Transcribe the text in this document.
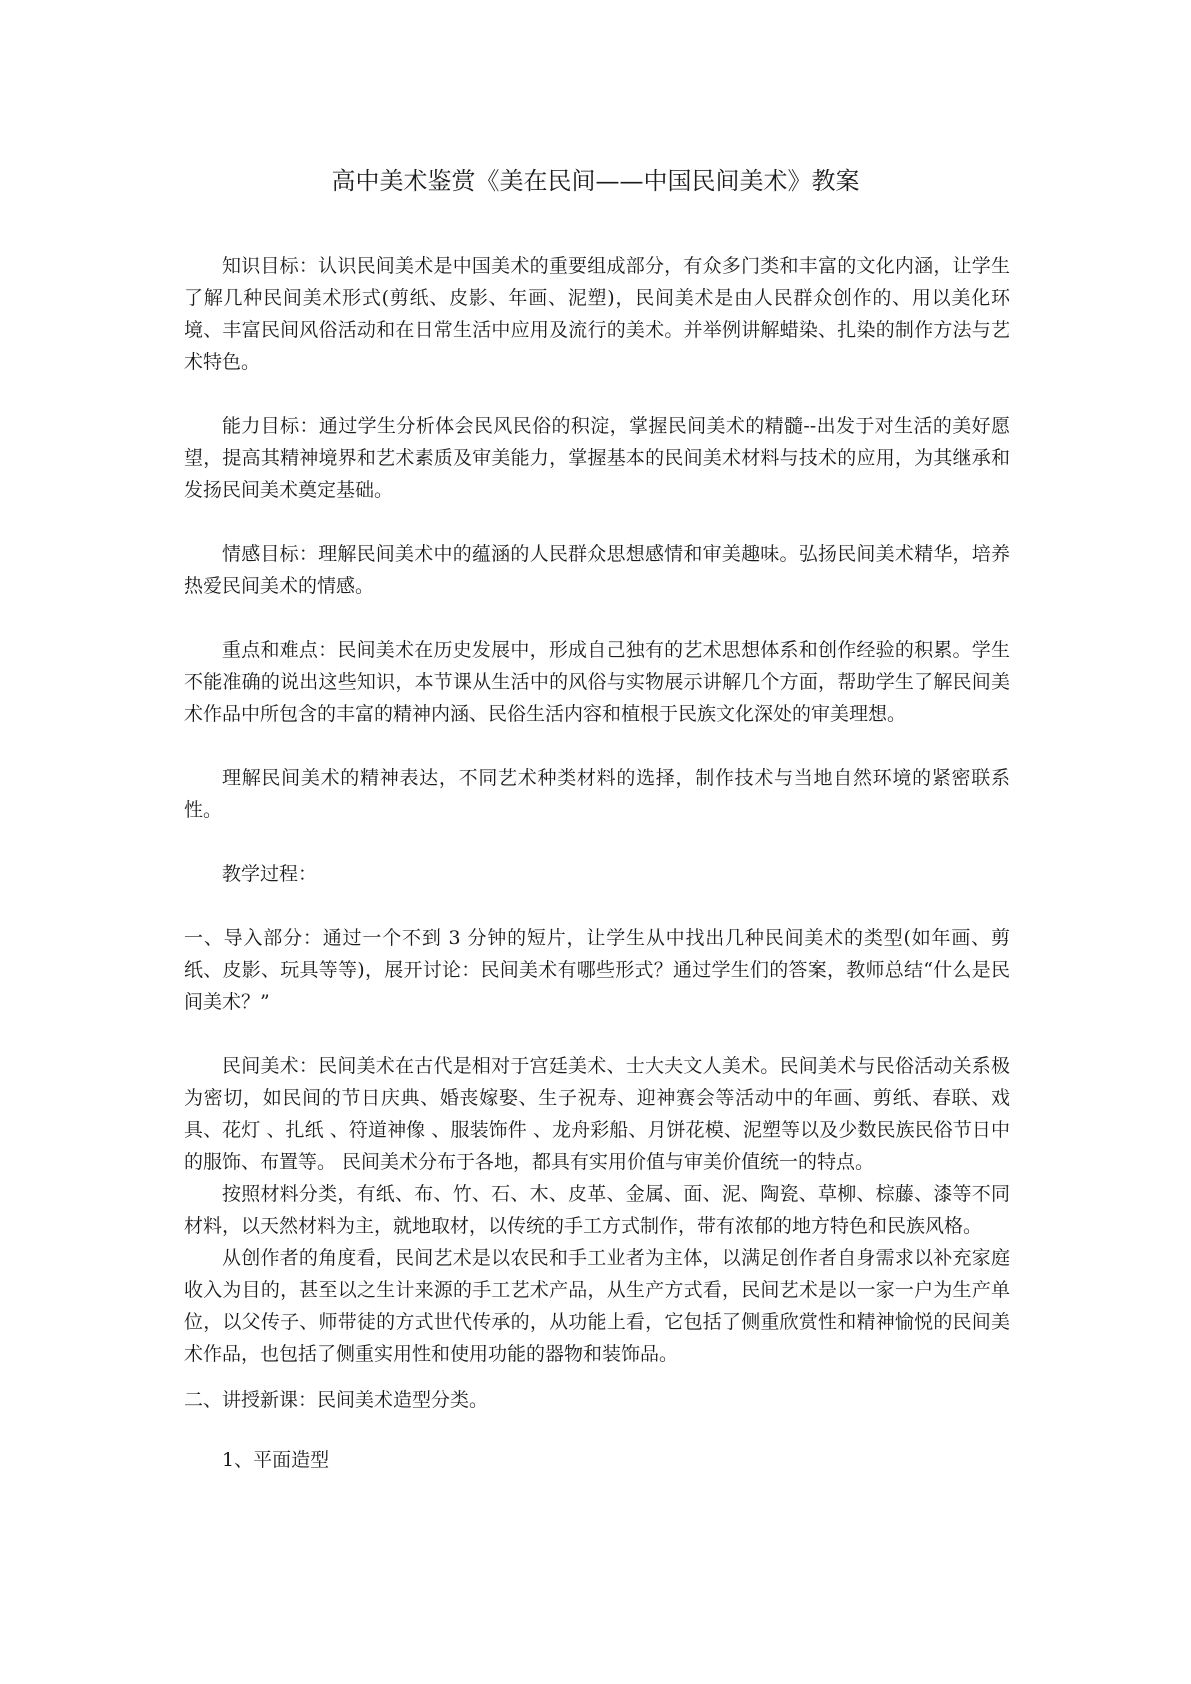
高中美术鉴赏《美在民间——中国民间美术》教案

知识目标：认识民间美术是中国美术的重要组成部分，有众多门类和丰富的文化内涵，让学生了解几种民间美术形式(剪纸、皮影、年画、泥塑)，民间美术是由人民群众创作的、用以美化环境、丰富民间风俗活动和在日常生活中应用及流行的美术。并举例讲解蜡染、扎染的制作方法与艺术特色。

能力目标：通过学生分析体会民风民俗的积淀，掌握民间美术的精髓--出发于对生活的美好愿望，提高其精神境界和艺术素质及审美能力，掌握基本的民间美术材料与技术的应用，为其继承和发扬民间美术奠定基础。

情感目标：理解民间美术中的蕴涵的人民群众思想感情和审美趣味。弘扬民间美术精华，培养热爱民间美术的情感。

重点和难点：民间美术在历史发展中，形成自己独有的艺术思想体系和创作经验的积累。学生不能准确的说出这些知识，本节课从生活中的风俗与实物展示讲解几个方面，帮助学生了解民间美术作品中所包含的丰富的精神内涵、民俗生活内容和植根于民族文化深处的审美理想。

理解民间美术的精神表达，不同艺术种类材料的选择，制作技术与当地自然环境的紧密联系性。

教学过程：

一、导入部分：通过一个不到 3 分钟的短片，让学生从中找出几种民间美术的类型(如年画、剪纸、皮影、玩具等等)，展开讨论：民间美术有哪些形式？通过学生们的答案，教师总结“什么是民间美术？”

民间美术：民间美术在古代是相对于宫廷美术、士大夫文人美术。民间美术与民俗活动关系极为密切，如民间的节日庆典、婚丧嫁娶、生子祝寿、迎神赛会等活动中的年画、剪纸、春联、戏具、花灯 、扎纸 、符道神像 、服装饰件 、龙舟彩船、月饼花模、泥塑等以及少数民族民俗节日中的服饰、布置等。 民间美术分布于各地，都具有实用价值与审美价值统一的特点。

按照材料分类，有纸、布、竹、石、木、皮革、金属、面、泥、陶瓷、草柳、棕藤、漆等不同材料，以天然材料为主，就地取材，以传统的手工方式制作，带有浓郁的地方特色和民族风格。

从创作者的角度看，民间艺术是以农民和手工业者为主体，以满足创作者自身需求以补充家庭收入为目的，甚至以之生计来源的手工艺术产品，从生产方式看，民间艺术是以一家一户为生产单位，以父传子、师带徒的方式世代传承的，从功能上看，它包括了侧重欣赏性和精神愉悦的民间美术作品，也包括了侧重实用性和使用功能的器物和装饰品。

二、讲授新课：民间美术造型分类。

1、平面造型
